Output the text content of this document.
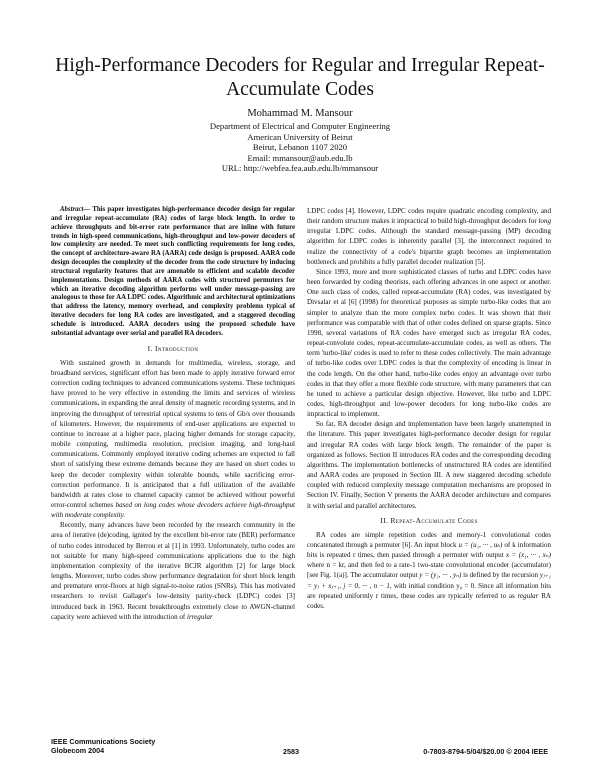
High-Performance Decoders for Regular and Irregular Repeat-Accumulate Codes
Mohammad M. Mansour
Department of Electrical and Computer Engineering
American University of Beirut
Beirut, Lebanon 1107 2020
Email: mmansour@aub.edu.lb
URL: http://webfea.fea.aub.edu.lb/mmansour

Abstract— This paper investigates high-performance decoder design for regular and irregular repeat-accumulate (RA) codes of large block length. In order to achieve throughputs and bit-error rate performance that are inline with future trends in high-speed communications, high-throughput and low-power decoders of low complexity are needed. To meet such conflicting requirements for long codes, the concept of architecture-aware RA (AARA) code design is proposed. AARA code design decouples the complexity of the decoder from the code structure by inducing structural regularity features that are amenable to efficient and scalable decoder implementations. Design methods of AARA codes with structured permuters for which an iterative decoding algorithm performs well under message-passing are analogous to those for AA LDPC codes. Algorithmic and architectural optimizations that address the latency, memory overhead, and complexity problems typical of iterative decoders for long RA codes are investigated, and a staggered decoding schedule is introduced. AARA decoders using the proposed schedule have substantial advantage over serial and parallel RA decoders.

I. Introduction

With sustained growth in demands for multimedia, wireless, storage, and broadband services, significant effort has been made to apply iterative forward error correction coding techniques to advanced communications systems. These techniques have proved to be very effective in extending the limits and services of wireless communications, in expanding the areal density of magnetic recording systems, and in improving the throughput of terrestrial optical systems to tens of Gb/s over thousands of kilometers. However, the requirements of end-user applications are expected to continue to increase at a higher pace, placing higher demands for storage capacity, mobile computing, multimedia resolution, precision imaging, and long-haul communications. Commonly employed iterative coding schemes are expected to fall short of satisfying these extreme demands because they are based on short codes to keep the decoder complexity within tolerable bounds, while sacrificing error-correction performance. It is anticipated that a full utilization of the available bandwidth at rates close to channel capacity cannot be achieved without powerful error-control schemes based on long codes whose decoders achieve high-throughput with moderate complexity.

Recently, many advances have been recorded by the research community in the area of iterative (de)coding, ignited by the excellent bit-error rate (BER) performance of turbo codes introduced by Berrou et al [1] in 1993. Unfortunately, turbo codes are not suitable for many high-speed communications applications due to the high implementation complexity of the iterative BCJR algorithm [2] for large block lengths. Moreover, turbo codes show performance degradation for short block length and premature error-floors at high signal-to-noise ratios (SNRs). This has motivated researchers to revisit Gallager's low-density parity-check (LDPC) codes [3] introduced back in 1963. Recent breakthroughs extremely close to AWGN-channel capacity were achieved with the introduction of irregular

LDPC codes [4]. However, LDPC codes require quadratic encoding complexity, and their random structure makes it impractical to build high-throughput decoders for long irregular LDPC codes. Although the standard message-passing (MP) decoding algorithm for LDPC codes is inherently parallel [3], the interconnect required to realize the connectivity of a code's bipartite graph becomes an implementation bottleneck and prohibits a fully parallel decoder realization [5].

Since 1993, more and more sophisticated classes of turbo and LDPC codes have been forwarded by coding theorists, each offering advances in one aspect or another. One such class of codes, called repeat-accumulate (RA) codes, was investigated by Divsalar et al [6] (1998) for theoretical purposes as simple turbo-like codes that are simpler to analyze than the more complex turbo codes. It was shown that their performance was comparable with that of other codes defined on sparse graphs. Since 1998, several variations of RA codes have emerged such as irregular RA codes, repeat-convolute codes, repeat-accumulate-accumulate codes, as well as others. The term 'turbo-like' codes is used to refer to these codes collectively. The main advantage of turbo-like codes over LDPC codes is that the complexity of encoding is linear in the code length. On the other hand, turbo-like codes enjoy an advantage over turbo codes in that they offer a more flexible code structure, with many parameters that can be tuned to achieve a particular design objective. However, like turbo and LDPC codes, high-throughput and low-power decoders for long turbo-like codes are impractical to implement.

So far, RA decoder design and implementation have been largely unattempted in the literature. This paper investigates high-performance decoder design for regular and irregular RA codes with large block length. The remainder of the paper is organized as follows. Section II introduces RA codes and the corresponding decoding algorithms. The implementation bottlenecks of unstructured RA codes are identified and AARA codes are proposed in Section III. A new staggered decoding schedule coupled with reduced complexity message computation mechanisms are proposed in Section IV. Finally, Section V presents the AARA decoder architecture and compares it with serial and parallel architectures.

II. Repeat-Accumulate Codes

RA codes are simple repetition codes and memory-1 convolutional codes concatenated through a permuter [6]. An input block u = (u₁, ··· , uₖ) of k information bits is repeated r times, then passed through a permuter with output x = (x₁, ··· , xₙ) where n = kr, and then fed to a rate-1 two-state convolutional encoder (accumulator) [see Fig. 1(a)]. The accumulator output y = (y₁, ··· , yₙ) is defined by the recursion yⱼ₊₁ = yⱼ + xⱼ₊₁, j = 0, ··· , n − 1, with initial condition y₀ = 0. Since all information bits are repeated uniformly r times, these codes are typically referred to as regular RA codes.

IEEE Communications Society
Globecom 2004	2583	0-7803-8794-5/04/$20.00 © 2004 IEEE
